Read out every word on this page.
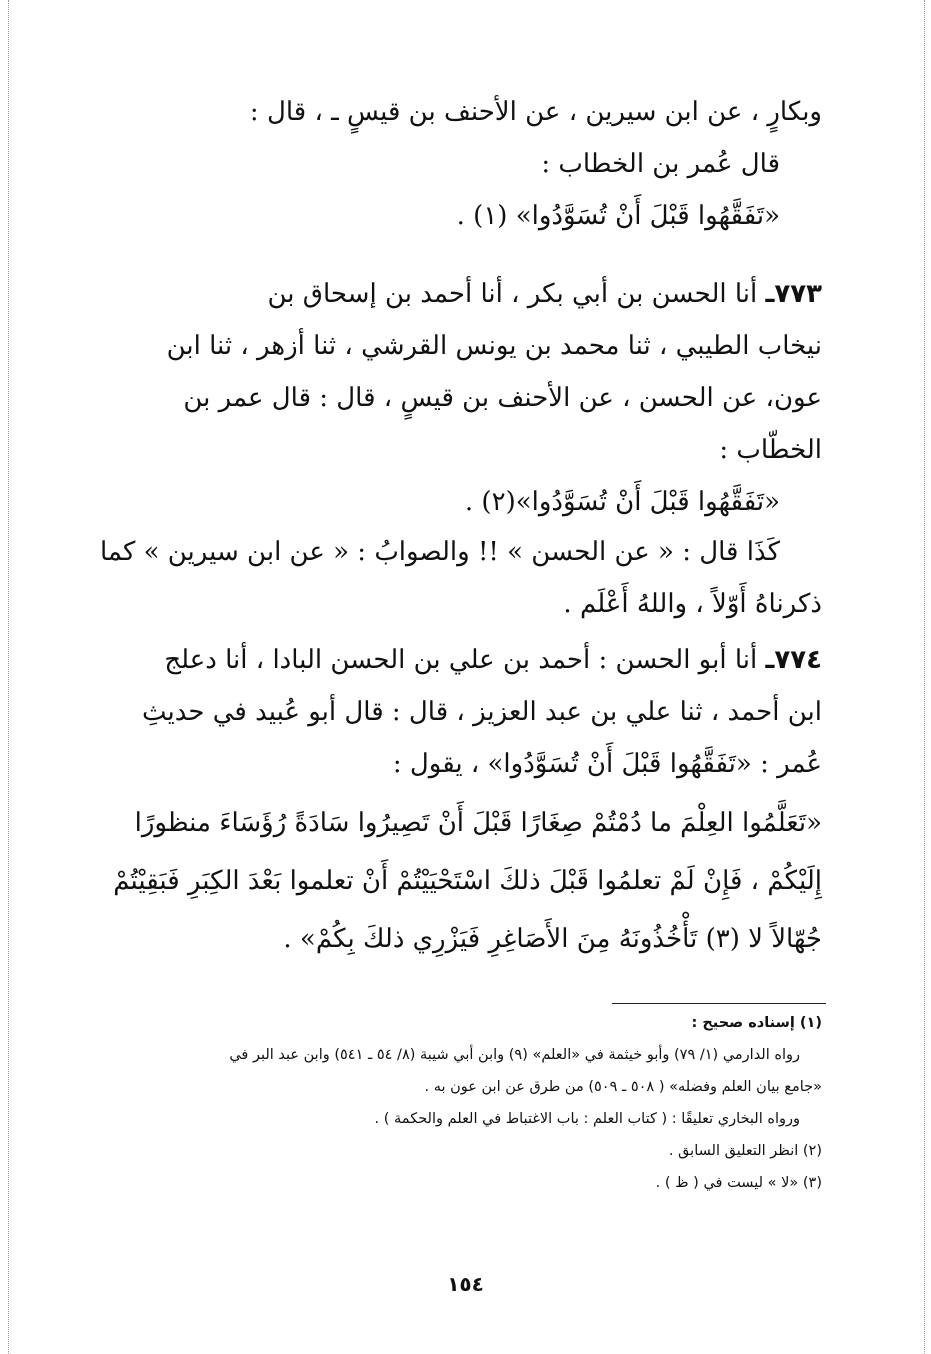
وبكارٍ ، عن ابن سيرين ، عن الأحنف بن قيسٍ ـ ، قال :
قال عُمر بن الخطاب :
«تَفَقَّهُوا قَبْلَ أَنْ تُسَوَّدُوا» (١) .
٧٧٣ـ أنا الحسن بن أبي بكر ، أنا أحمد بن إسحاق بن
نيخاب الطيبي ، ثنا محمد بن يونس القرشي ، ثنا أزهر ، ثنا ابن
عون، عن الحسن ، عن الأحنف بن قيسٍ ، قال : قال عمر بن
الخطّاب :
«تَفَقَّهُوا قَبْلَ أَنْ تُسَوَّدُوا»(٢) .
كَذَا قال : « عن الحسن » !! والصوابُ : « عن ابن سيرين » كما
ذكرناهُ أَوّلاً ، واللهُ أَعْلَم .
٧٧٤ـ أنا أبو الحسن : أحمد بن علي بن الحسن البادا ، أنا دعلج
ابن أحمد ، ثنا علي بن عبد العزيز ، قال : قال أبو عُبيد في حديثِ
عُمر : «تَفَقَّهُوا قَبْلَ أَنْ تُسَوَّدُوا» ، يقول :
«تَعَلَّمُوا العِلْمَ ما دُمْتُمْ صِغَارًا قَبْلَ أَنْ تَصِيرُوا سَادَةً رُؤَسَاءَ منظورًا
إِلَيْكُمْ ، فَإِنْ لَمْ تعلمُوا قَبْلَ ذلكَ اسْتَحْيَيْتُمْ أَنْ تعلموا بَعْدَ الكِبَرِ فَبَقِيْتُمْ
جُهّالاً لا (٣) تَأْخُذُونَهُ مِنَ الأَصَاغِرِ فَيَزْرِي ذلكَ بِكُمْ» .
(١) إسناده صحيح :
رواه الدارمي (١/ ٧٩) وأبو خيثمة في «العلم» (٩) وابن أبي شيبة (٨/ ٥٤ ـ ٥٤١) وابن عبد البر في
«جامع بيان العلم وفضله» ( ٥٠٨ ـ ٥٠٩) من طرق عن ابن عون به .
ورواه البخاري تعليقًا : ( كتاب العلم : باب الاغتباط في العلم والحكمة ) .
(٢) انظر التعليق السابق .
(٣) «لا » ليست في ( ظ ) .
١٥٤
